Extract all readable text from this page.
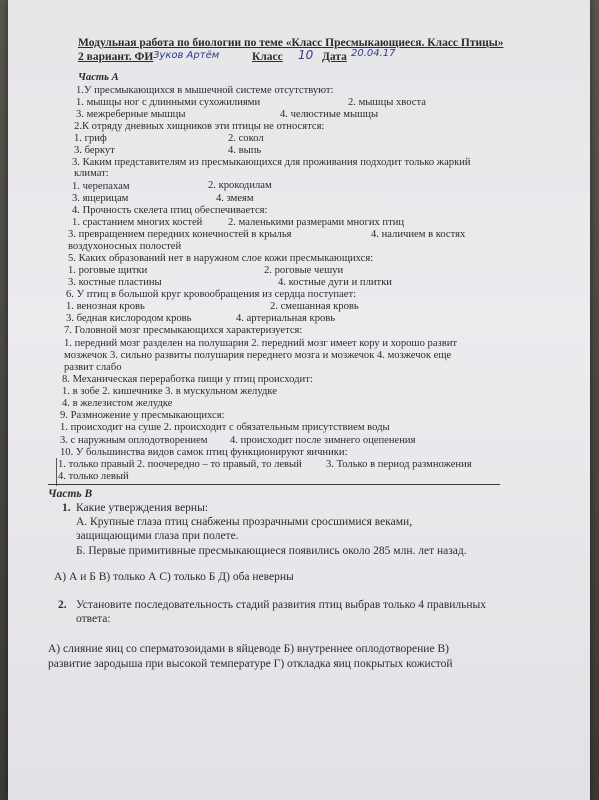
Модульная работа по биологии по теме «Класс Пресмыкающиеся. Класс Птицы»
2 вариант. ФИ Зуков Артём	Класс 10 Дата 20.04.17
Часть А
1.У пресмыкающихся в мышечной системе отсутствуют:
1. мышцы ног с длинными сухожилиями	2. мышцы хвоста
3. межреберные мышцы	4. челюстные мышцы
2.К отряду дневных хищников эти птицы не относятся:
1. гриф	2. сокол
3. беркут	4. выпь
3. Каким представителям из пресмыкающихся для проживания подходит только жаркий
климат:
1. черепахам	2. крокодилам
3. ящерицам	4. змеям
4. Прочность скелета птиц обеспечивается:
1. срастанием многих костей 2. маленькими размерами многих птиц
3. превращением передних конечностей в крылья	4. наличием в костях
воздухоносных полостей
5. Каких образований нет в наружном слое кожи пресмыкающихся:
1. роговые щитки	2. роговые чешуи
3. костные пластины	4. костные дуги и плитки
6. У птиц в большой круг кровообращения из сердца поступает:
1. венозная кровь	2. смешанная кровь
3. бедная кислородом кровь	4. артериальная кровь
7. Головной мозг пресмыкающихся характеризуется:
1. передний мозг разделен на полушария 2. передний мозг имеет кору и хорошо развит
мозжечок 3. сильно развиты полушария переднего мозга и мозжечок 4. мозжечок еще
развит слабо
8. Механическая переработка пищи у птиц происходит:
1. в зобе 2. кишечнике 3. в мускульном желудке
4. в железистом желудке
9. Размножение у пресмыкающихся:
1. происходит на суше 2. происходит с обязательным присутствием воды
3. с наружным оплодотворением 4. происходит после зимнего оцепенения
10. У большинства видов самок птиц функционируют яичники:
1. только правый 2. поочередно – то правый, то левый 3. Только в период размножения
4. только левый
Часть В
1. Какие утверждения верны:
А. Крупные глаза птиц снабжены прозрачными сросшимися веками,
защищающими глаза при полете.
Б. Первые примитивные пресмыкающиеся появились около 285 млн. лет назад.
А) А и Б В) только А С) только Б Д) оба неверны
2. Установите последовательность стадий развития птиц выбрав только 4 правильных
ответа:
А) слияние яиц со сперматозоидами в яйцеводе Б) внутреннее оплодотворение В)
развитие зародыша при высокой температуре Г) откладка яиц покрытых кожистой
